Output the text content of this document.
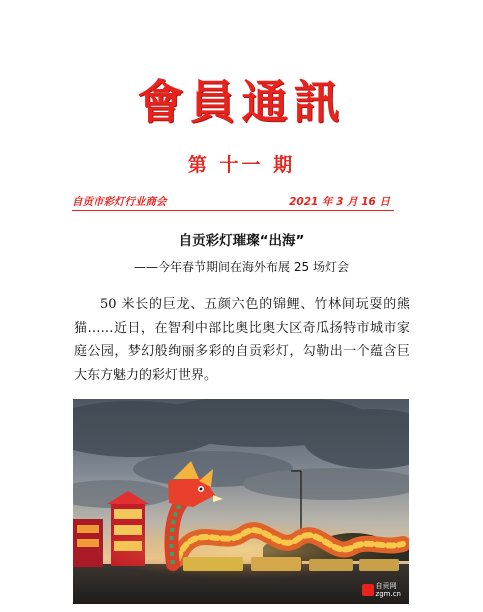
會員通訊
第 十一 期
自贡市彩灯行业商会	2021 年 3 月 16 日
自贡彩灯璀璨“出海”
——今年春节期间在海外布展 25 场灯会

50 米长的巨龙、五颜六色的锦鲤、竹林间玩耍的熊猫……近日，在智利中部比奥比奥大区奇瓜扬特市城市家庭公园，梦幻般绚丽多彩的自贡彩灯，勾勒出一个蕴含巨大东方魅力的彩灯世界。

自贡网
zgm.cn
